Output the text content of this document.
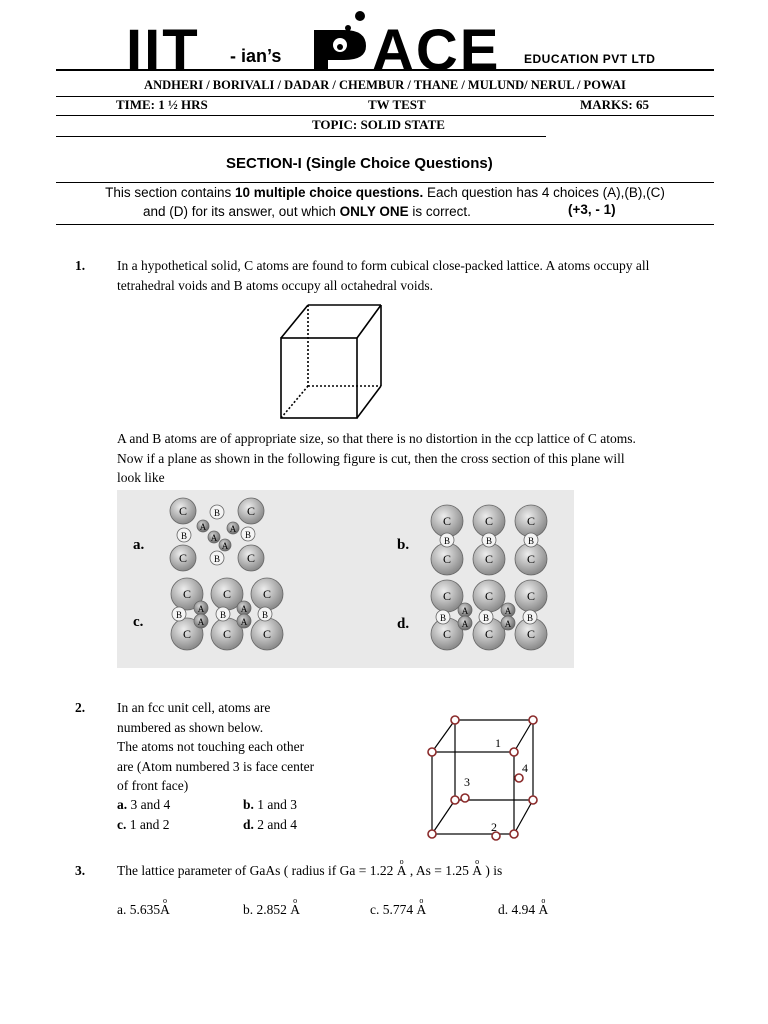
IIT - ian’s ACE EDUCATION PVT LTD
ANDHERI / BORIVALI / DADAR / CHEMBUR / THANE / MULUND/ NERUL / POWAI
TIME: 1 ½ HRS	TW TEST	MARKS: 65
TOPIC: SOLID STATE
SECTION-I (Single Choice Questions)
This section contains 10 multiple choice questions. Each question has 4 choices (A),(B),(C)
and (D) for its answer, out which ONLY ONE is correct.	(+3, - 1)
1. In a hypothetical solid, C atoms are found to form cubical close-packed lattice. A atoms occupy all
tetrahedral voids and B atoms occupy all octahedral voids.
A and B atoms are of appropriate size, so that there is no distortion in the ccp lattice of C atoms.
Now if a plane as shown in the following figure is cut, then the cross section of this plane will
look like
C	C
C	C
B
B
B	B
A
A
A
A
C	C	C
C	C	C
B	B	B
C	C	C
C	C	C
B	B	B
A
A
A
A
C	C	C
C	C	C
B	B	B
A
A
A
A
a.	b.
c.	d.
2. In an fcc unit cell, atoms are
numbered as shown below.
The atoms not touching each other
are (Atom numbered 3 is face center
of front face)
a. 3 and 4	b. 1 and 3
c. 1 and 2	d. 2 and 4
1
2
3
4
3. The lattice parameter of GaAs ( radius if Ga = 1.22 o A , As = 1.25 o A ) is
a. 5.635o A	b. 2.852 o A	c. 5.774 o A	d. 4.94 o A
